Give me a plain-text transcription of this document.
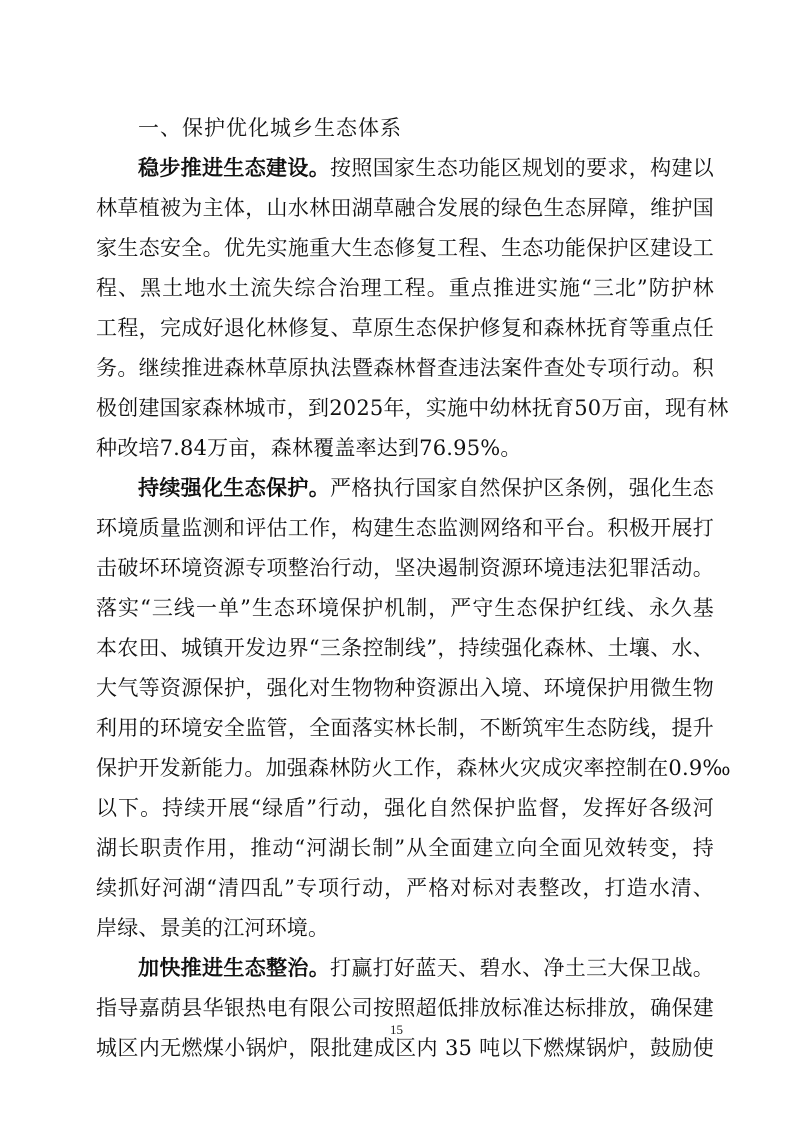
一、保护优化城乡生态体系
稳步推进生态建设。按照国家生态功能区规划的要求，构建以
林草植被为主体，山水林田湖草融合发展的绿色生态屏障，维护国
家生态安全。优先实施重大生态修复工程、生态功能保护区建设工
程、黑土地水土流失综合治理工程。重点推进实施“三北”防护林
工程，完成好退化林修复、草原生态保护修复和森林抚育等重点任
务。继续推进森林草原执法暨森林督查违法案件查处专项行动。积
极创建国家森林城市，到2025年，实施中幼林抚育50万亩，现有林
种改培7.84万亩，森林覆盖率达到76.95%。
持续强化生态保护。严格执行国家自然保护区条例，强化生态
环境质量监测和评估工作，构建生态监测网络和平台。积极开展打
击破坏环境资源专项整治行动，坚决遏制资源环境违法犯罪活动。
落实“三线一单”生态环境保护机制，严守生态保护红线、永久基
本农田、城镇开发边界“三条控制线”，持续强化森林、土壤、水、
大气等资源保护，强化对生物物种资源出入境、环境保护用微生物
利用的环境安全监管，全面落实林长制，不断筑牢生态防线，提升
保护开发新能力。加强森林防火工作，森林火灾成灾率控制在0.9‰
以下。持续开展“绿盾”行动，强化自然保护监督，发挥好各级河
湖长职责作用，推动“河湖长制”从全面建立向全面见效转变，持
续抓好河湖“清四乱”专项行动，严格对标对表整改，打造水清、
岸绿、景美的江河环境。
加快推进生态整治。打赢打好蓝天、碧水、净土三大保卫战。
指导嘉荫县华银热电有限公司按照超低排放标准达标排放，确保建
城区内无燃煤小锅炉，限批建成区内 35 吨以下燃煤锅炉，鼓励使
15
